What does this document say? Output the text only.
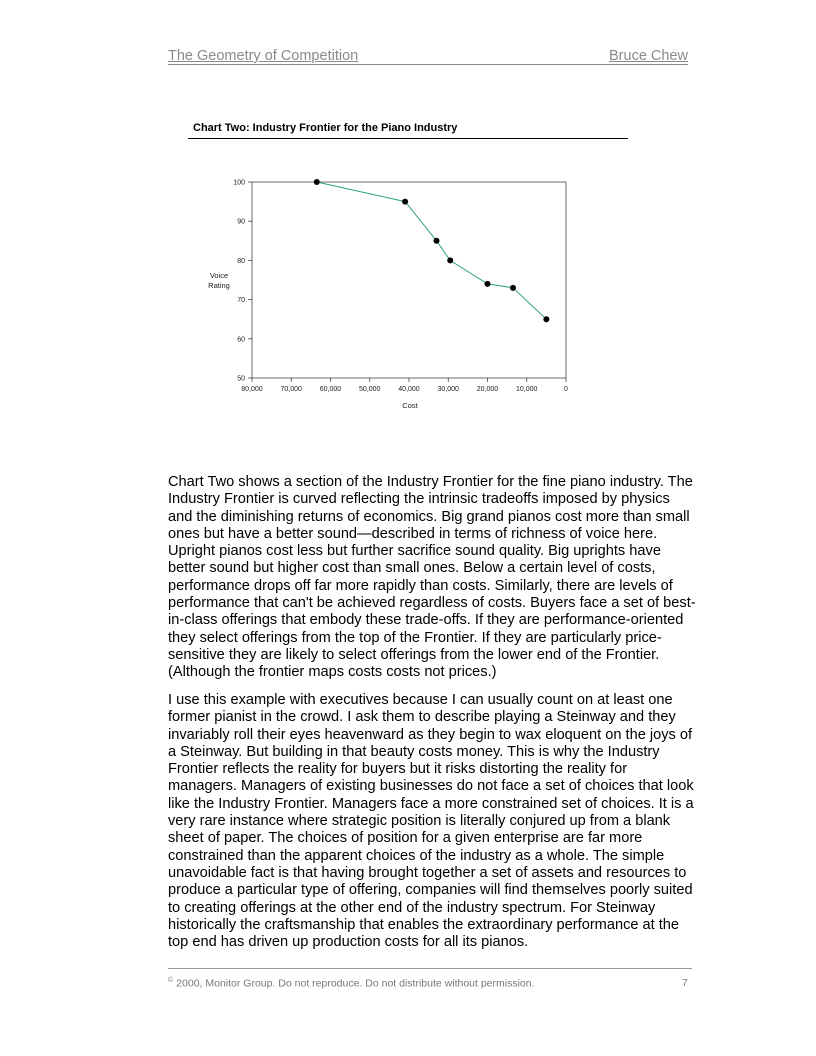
The Geometry of Competition	Bruce Chew
Chart Two: Industry Frontier for the Piano Industry
50
60
70
80
90
100
80,000	70,000	60,000	50,000	40,000	30,000	20,000	10,000	0
Voice
Rating
Cost

Chart Two shows a section of the Industry Frontier for the fine piano industry. The Industry Frontier is curved reflecting the intrinsic tradeoffs imposed by physics and the diminishing returns of economics. Big grand pianos cost more than small ones but have a better sound—described in terms of richness of voice here. Upright pianos cost less but further sacrifice sound quality. Big uprights have better sound but higher cost than small ones. Below a certain level of costs, performance drops off far more rapidly than costs. Similarly, there are levels of performance that can't be achieved regardless of costs. Buyers face a set of best-in-class offerings that embody these trade-offs. If they are performance-oriented they select offerings from the top of the Frontier. If they are particularly price-sensitive they are likely to select offerings from the lower end of the Frontier. (Although the frontier maps costs costs not prices.)

I use this example with executives because I can usually count on at least one former pianist in the crowd. I ask them to describe playing a Steinway and they invariably roll their eyes heavenward as they begin to wax eloquent on the joys of a Steinway. But building in that beauty costs money. This is why the Industry Frontier reflects the reality for buyers but it risks distorting the reality for managers. Managers of existing businesses do not face a set of choices that look like the Industry Frontier. Managers face a more constrained set of choices. It is a very rare instance where strategic position is literally conjured up from a blank sheet of paper. The choices of position for a given enterprise are far more constrained than the apparent choices of the industry as a whole. The simple unavoidable fact is that having brought together a set of assets and resources to produce a particular type of offering, companies will find themselves poorly suited to creating offerings at the other end of the industry spectrum. For Steinway historically the craftsmanship that enables the extraordinary performance at the top end has driven up production costs for all its pianos.

© 2000, Monitor Group. Do not reproduce. Do not distribute without permission.	7
